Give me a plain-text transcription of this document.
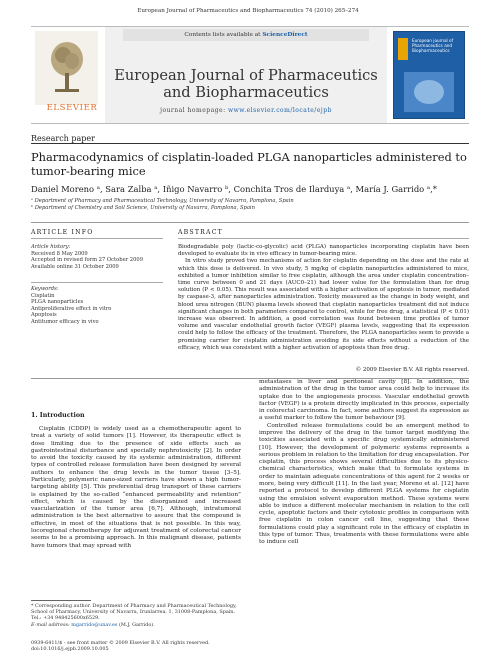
European Journal of Pharmaceutics and Biopharmaceutics 74 (2010) 265–274
ELSEVIER
Contents lists available at ScienceDirect
European Journal of Pharmaceutics and Biopharmaceutics
journal homepage: www.elsevier.com/locate/ejpb
European journal of Pharmaceutics and Biopharmaceutics
Research paper
Pharmacodynamics of cisplatin-loaded PLGA nanoparticles administered to tumor-bearing mice
Daniel Moreno ᵃ, Sara Zalba ᵃ, Iñigo Navarro ᵇ, Conchita Tros de Ilarduya ᵃ, María J. Garrido ᵃ,*
ᵃ Department of Pharmacy and Pharmaceutical Technology, University of Navarra, Pamplona, Spain
ᵇ Department of Chemistry and Soil Science, University of Navarra, Pamplona, Spain
ARTICLE INFO
Article history:
Received 8 May 2009
Accepted in revised form 27 October 2009
Available online 31 October 2009
Keywords:
Cisplatin
PLGA nanoparticles
Antiproliferative effect in vitro
Apoptosis
Antitumor efficacy in vivo
ABSTRACT

Biodegradable poly (lactic-co-glycolic) acid (PLGA) nanoparticles incorporating cisplatin have been developed to evaluate its in vivo efficacy in tumor-bearing mice.

In vitro study proved two mechanisms of action for cisplatin depending on the dose and the rate at which this dose is delivered. In vivo study, 5 mg/kg of cisplatin nanoparticles administered to mice, exhibited a tumor inhibition similar to free cisplatin, although the area under cisplatin concentration–time curve between 0 and 21 days (AUC0–21) had lower value for the formulation than for drug solution (P < 0.05). This result was associated with a higher activation of apoptosis in tumor, mediated by caspase-3, after nanoparticles administration. Toxicity measured as the change in body weight, and blood urea nitrogen (BUN) plasma levels showed that cisplatin nanoparticles treatment did not induce significant changes in both parameters compared to control, while for free drug, a statistical (P < 0.01) increase was observed. In addition, a good correlation was found between time profiles of tumor volume and vascular endothelial growth factor (VEGF) plasma levels, suggesting that its expression could help to follow the efficacy of the treatment. Therefore, the PLGA nanoparticles seem to provide a promising carrier for cisplatin administration avoiding its side effects without a reduction of the efficacy, which was consistent with a higher activation of apoptosis than free drug.

© 2009 Elsevier B.V. All rights reserved.
1. Introduction

Cisplatin (CDDP) is widely used as a chemotherapeutic agent to treat a variety of solid tumors [1]. However, its therapeutic effect is dose limiting due to the presence of side effects such as gastrointestinal disturbance and specially nephrotoxicity [2]. In order to avoid the toxicity caused by its systemic administration, different types of controlled release formulation have been designed by several authors to enhance the drug levels in the tumor tissue [3–5]. Particularly, polymeric nano-sized carriers have shown a high tumor-targeting ability [5]. This preferential drug transport of these carriers is explained by the so-called “enhanced permeability and retention” effect, which is caused by the disorganized and increased vascularization of the tumor area [6,7]. Although, intratumoral administration is the best alternative to assure that the compound is effective, in most of the situations that is not possible. In this way, locoregional chemotherapy for adjuvant treatment of colorectal cancer seems to be a promising approach. In this malignant disease, patients have tumors that may spread with

metastases in liver and peritoneal cavity [8]. In addition, the administration of the drug in the tumor area could help to increase its uptake due to the angiogenesis process. Vascular endothelial growth factor (VEGF) is a protein directly implicated in this process, especially in colorectal carcinoma. In fact, some authors suggest its expression as a useful marker to follow the tumor behaviour [9].

Controlled release formulations could be an emergent method to improve the delivery of the drug in the tumor target modifying the toxicities associated with a specific drug systemically administered [10]. However, the development of polymeric systems represents a serious problem in relation to the limitation for drug encapsulation. For cisplatin, this process shows several difficulties due to its physico-chemical characteristics, which make that to formulate systems in order to maintain adequate concentrations of this agent for 2 weeks or more, being very difficult [11]. In the last year, Moreno et al. [12] have reported a protocol to develop different PLGA systems for cisplatin using the emulsion solvent evaporation method. These systems were able to induce a different molecular mechanism in relation to the cell cycle, apoptotic factors and their cytotoxic profiles in comparison with free cisplatin in colon cancer cell line, suggesting that these formulations could play a significant role in the efficacy of cisplatin in this type of tumor. Thus, treatments with these formulations were able to induce cell

* Corresponding author. Department of Pharmacy and Pharmaceutical Technology, School of Pharmacy, University of Navarra, Irunlarrea, 1, 31008-Pamplona, Spain. Tel.: +34 948425600x6529.
E-mail address: mgarrido@unav.es (M.J. Garrido).
0939-6411/$ - see front matter © 2009 Elsevier B.V. All rights reserved.
doi:10.1016/j.ejpb.2009.10.005
